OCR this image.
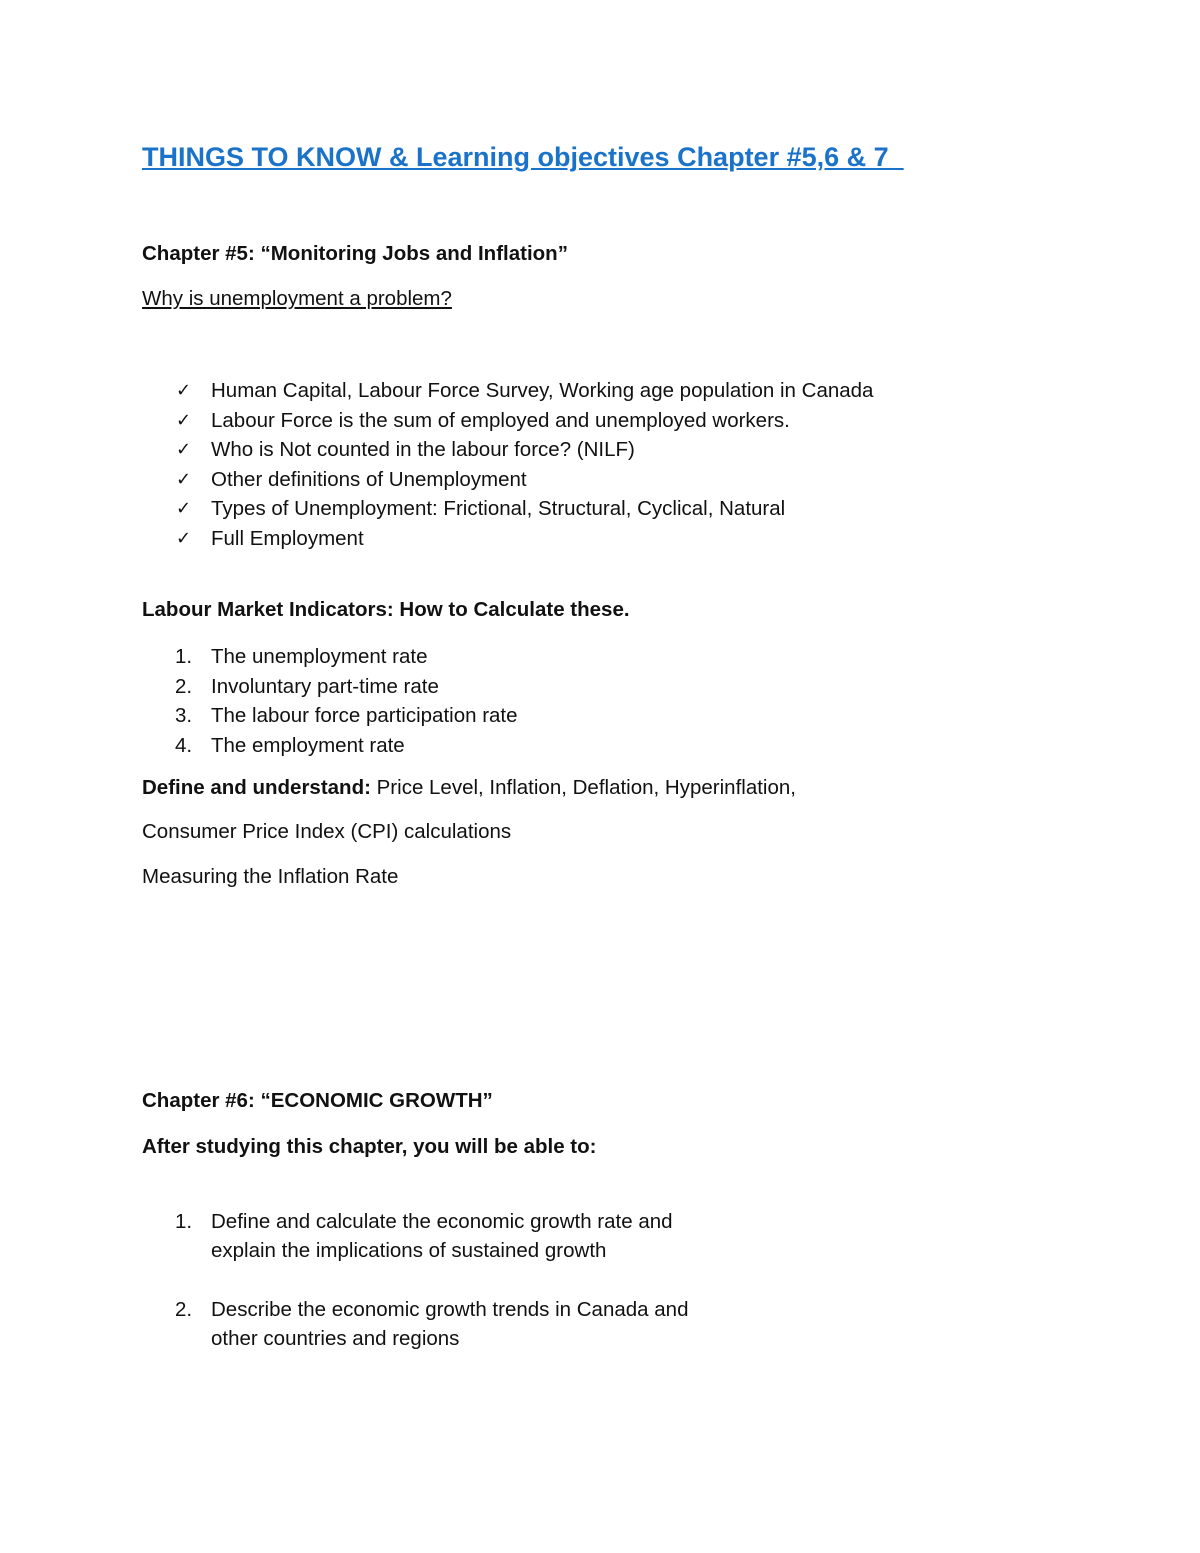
THINGS TO KNOW & Learning objectives Chapter #5,6 & 7
Chapter #5: “Monitoring Jobs and Inflation”

Why is unemployment a problem?

✓ Human Capital, Labour Force Survey, Working age population in Canada
✓ Labour Force is the sum of employed and unemployed workers.
✓ Who is Not counted in the labour force? (NILF)
✓ Other definitions of Unemployment
✓ Types of Unemployment: Frictional, Structural, Cyclical, Natural
✓ Full Employment
Labour Market Indicators: How to Calculate these.
1. The unemployment rate
2. Involuntary part-time rate
3. The labour force participation rate
4. The employment rate

Define and understand: Price Level, Inflation, Deflation, Hyperinflation,

Consumer Price Index (CPI) calculations

Measuring the Inflation Rate

Chapter #6: “ECONOMIC GROWTH”
After studying this chapter, you will be able to:
1. Define and calculate the economic growth rate and
explain the implications of sustained growth
2. Describe the economic growth trends in Canada and
other countries and regions
